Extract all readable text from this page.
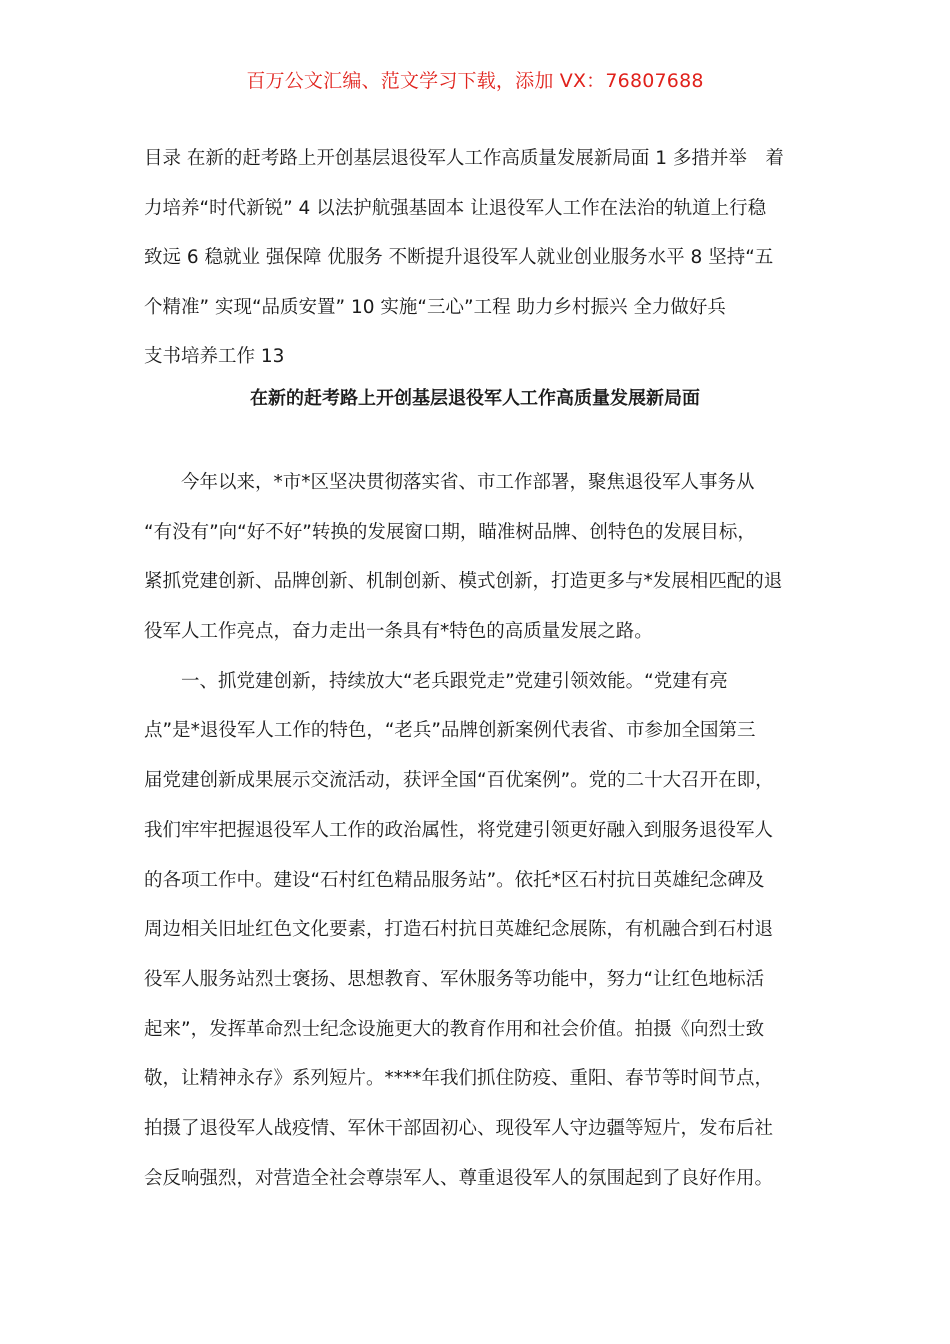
百万公文汇编、范文学习下载，添加 VX：76807688
目录 在新的赶考路上开创基层退役军人工作高质量发展新局面 1 多措并举　着
力培养“时代新锐” 4 以法护航强基固本 让退役军人工作在法治的轨道上行稳
致远 6 稳就业 强保障 优服务 不断提升退役军人就业创业服务水平 8 坚持“五
个精准” 实现“品质安置” 10 实施“三心”工程 助力乡村振兴 全力做好兵
支书培养工作 13
在新的赶考路上开创基层退役军人工作高质量发展新局面
今年以来，*市*区坚决贯彻落实省、市工作部署，聚焦退役军人事务从
“有没有”向“好不好”转换的发展窗口期，瞄准树品牌、创特色的发展目标，
紧抓党建创新、品牌创新、机制创新、模式创新，打造更多与*发展相匹配的退
役军人工作亮点，奋力走出一条具有*特色的高质量发展之路。
一、抓党建创新，持续放大“老兵跟党走”党建引领效能。“党建有亮
点”是*退役军人工作的特色，“老兵”品牌创新案例代表省、市参加全国第三
届党建创新成果展示交流活动，获评全国“百优案例”。党的二十大召开在即，
我们牢牢把握退役军人工作的政治属性，将党建引领更好融入到服务退役军人
的各项工作中。建设“石村红色精品服务站”。依托*区石村抗日英雄纪念碑及
周边相关旧址红色文化要素，打造石村抗日英雄纪念展陈，有机融合到石村退
役军人服务站烈士褒扬、思想教育、军休服务等功能中，努力“让红色地标活
起来”，发挥革命烈士纪念设施更大的教育作用和社会价值。拍摄《向烈士致
敬，让精神永存》系列短片。****年我们抓住防疫、重阳、春节等时间节点，
拍摄了退役军人战疫情、军休干部固初心、现役军人守边疆等短片，发布后社
会反响强烈，对营造全社会尊崇军人、尊重退役军人的氛围起到了良好作用。
